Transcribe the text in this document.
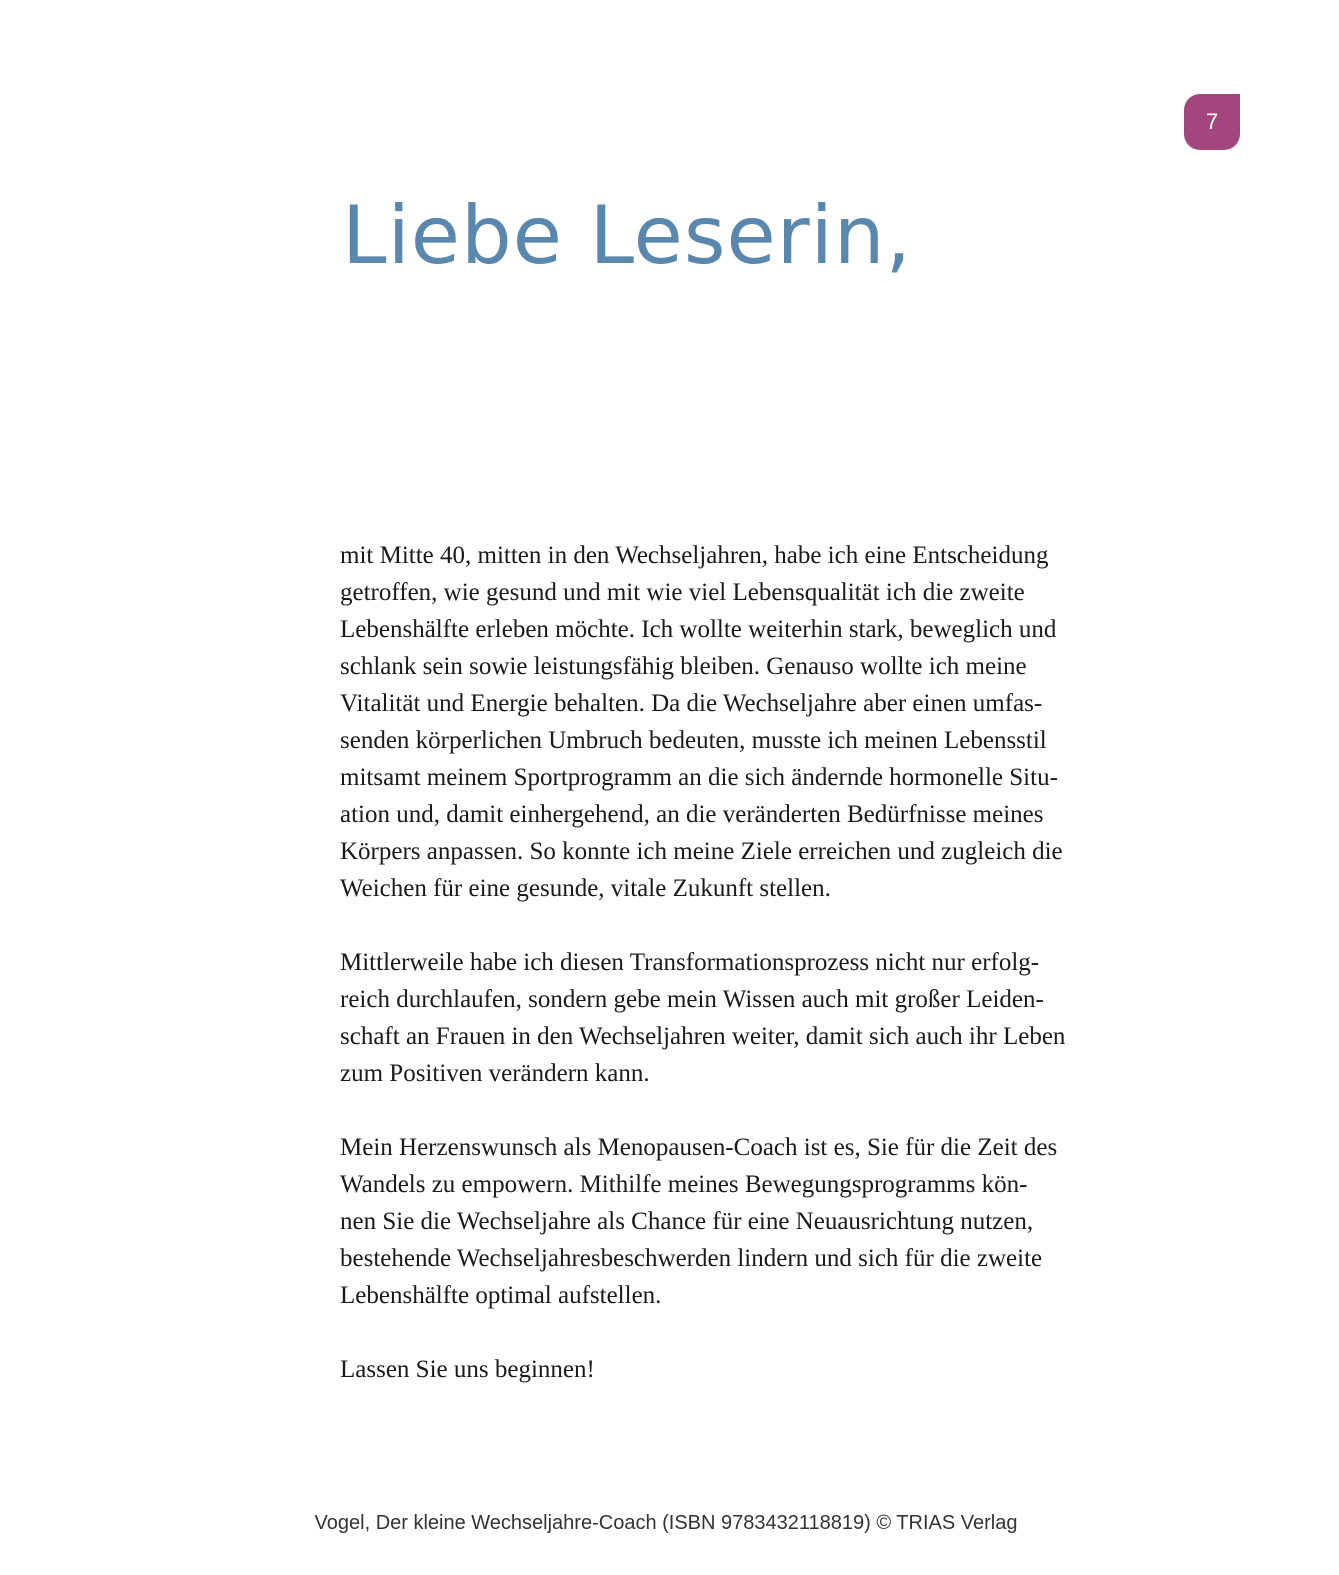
7
Liebe Leserin,

mit Mitte 40, mitten in den Wechseljahren, habe ich eine Entscheidung
getroffen, wie gesund und mit wie viel Lebensqualität ich die zweite
Lebenshälfte erleben möchte. Ich wollte weiterhin stark, beweglich und
schlank sein sowie leistungsfähig bleiben. Genauso wollte ich meine
Vitalität und Energie behalten. Da die Wechseljahre aber einen umfas-
senden körperlichen Umbruch bedeuten, musste ich meinen Lebensstil
mitsamt meinem Sportprogramm an die sich ändernde hormonelle Situ-
ation und, damit einhergehend, an die veränderten Bedürfnisse meines
Körpers anpassen. So konnte ich meine Ziele erreichen und zugleich die
Weichen für eine gesunde, vitale Zukunft stellen.

Mittlerweile habe ich diesen Transformationsprozess nicht nur erfolg-
reich durchlaufen, sondern gebe mein Wissen auch mit großer Leiden-
schaft an Frauen in den Wechseljahren weiter, damit sich auch ihr Leben
zum Positiven verändern kann.

Mein Herzenswunsch als Menopausen-Coach ist es, Sie für die Zeit des
Wandels zu empowern. Mithilfe meines Bewegungsprogramms kön-
nen Sie die Wechseljahre als Chance für eine Neuausrichtung nutzen,
bestehende Wechseljahresbeschwerden lindern und sich für die zweite
Lebenshälfte optimal aufstellen.

Lassen Sie uns beginnen!

Vogel, Der kleine Wechseljahre-Coach (ISBN 9783432118819) © TRIAS Verlag
